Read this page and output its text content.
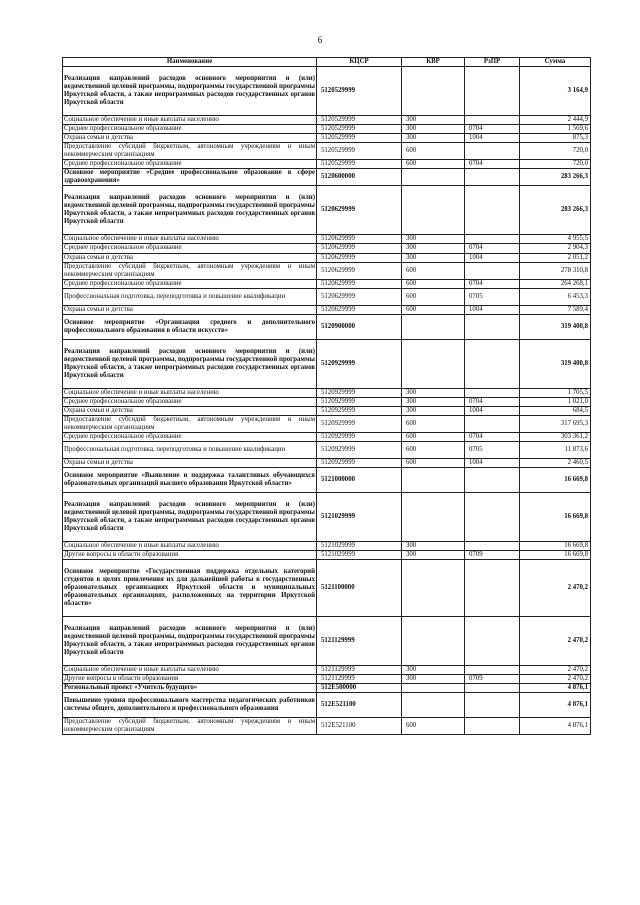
6
Наименование	КЦСР	КВР	РзПР	Сумма
Реализация направлений расходов основного мероприятия и (или) ведомственной целевой программы, подпрограммы государственной программы Иркутской области, а также непрограммных расходов государственных органов Иркутской области	5120529999			3 164,9
Социальное обеспечение и иные выплаты населению	5120529999	300		2 444,9
Среднее профессиональное образование	5120529999	300	0704	1 569,6
Охрана семьи и детства	5120529999	300	1004	875,3
Предоставление субсидий бюджетным, автономным учреждениям и иным некоммерческим организациям	5120529999	600		720,0
Среднее профессиональное образование	5120529999	600	0704	720,0
Основное мероприятие «Среднее профессиональное образование в сфере здравоохранения»	5120600000			283 266,3
Реализация направлений расходов основного мероприятия и (или) ведомственной целевой программы, подпрограммы государственной программы Иркутской области, а также непрограммных расходов государственных органов Иркутской области	5120629999			283 266,3
Социальное обеспечение и иные выплаты населению	5120629999	300		4 955,5
Среднее профессиональное образование	5120629999	300	0704	2 904,3
Охрана семьи и детства	5120629999	300	1004	2 051,2
Предоставление субсидий бюджетным, автономным учреждениям и иным некоммерческим организациям	5120629999	600		278 310,8
Среднее профессиональное образование	5120629999	600	0704	264 268,1
Профессиональная подготовка, переподготовка и повышение квалификации	5120629999	600	0705	6 453,3
Охрана семьи и детства	5120629999	600	1004	7 589,4
Основное мероприятие «Организация среднего и дополнительного профессионального образования в области искусств»	5120900000			319 400,8
Реализация направлений расходов основного мероприятия и (или) ведомственной целевой программы, подпрограммы государственной программы Иркутской области, а также непрограммных расходов государственных органов Иркутской области	5120929999			319 400,8
Социальное обеспечение и иные выплаты населению	5120929999	300		1 705,5
Среднее профессиональное образование	5120929999	300	0704	1 021,0
Охрана семьи и детства	5120929999	300	1004	684,5
Предоставление субсидий бюджетным, автономным учреждениям и иным некоммерческим организациям	5120929999	600		317 695,3
Среднее профессиональное образование	5120929999	600	0704	303 361,2
Профессиональная подготовка, переподготовка и повышение квалификации	5120929999	600	0705	11 873,6
Охрана семьи и детства	5120929999	600	1004	2 460,5
Основное мероприятие «Выявление и поддержка талантливых обучающихся образовательных организаций высшего образования Иркутской области»	5121000000			16 669,8
Реализация направлений расходов основного мероприятия и (или) ведомственной целевой программы, подпрограммы государственной программы Иркутской области, а также непрограммных расходов государственных органов Иркутской области	5121029999			16 669,8
Социальное обеспечение и иные выплаты населению	5121029999	300		16 669,8
Другие вопросы в области образования	5121029999	300	0709	16 669,8
Основное мероприятие «Государственная поддержка отдельных категорий студентов в целях привлечения их для дальнейшей работы в государственных образовательных организациях Иркутской области и муниципальных образовательных организациях, расположенных на территории Иркутской области»	5121100000			2 470,2
Реализация направлений расходов основного мероприятия и (или) ведомственной целевой программы, подпрограммы государственной программы Иркутской области, а также непрограммных расходов государственных органов Иркутской области	5121129999			2 470,2
Социальное обеспечение и иные выплаты населению	5121129999	300		2 470,2
Другие вопросы в области образования	5121129999	300	0709	2 470,2
Региональный проект «Учитель будущего»	512E500000			4 876,1
Повышение уровня профессионального мастерства педагогических работников системы общего, дополнительного и профессионального образования	512E521100			4 876,1
Предоставление субсидий бюджетным, автономным учреждениям и иным некоммерческим организациям	512E521100	600		4 876,1
